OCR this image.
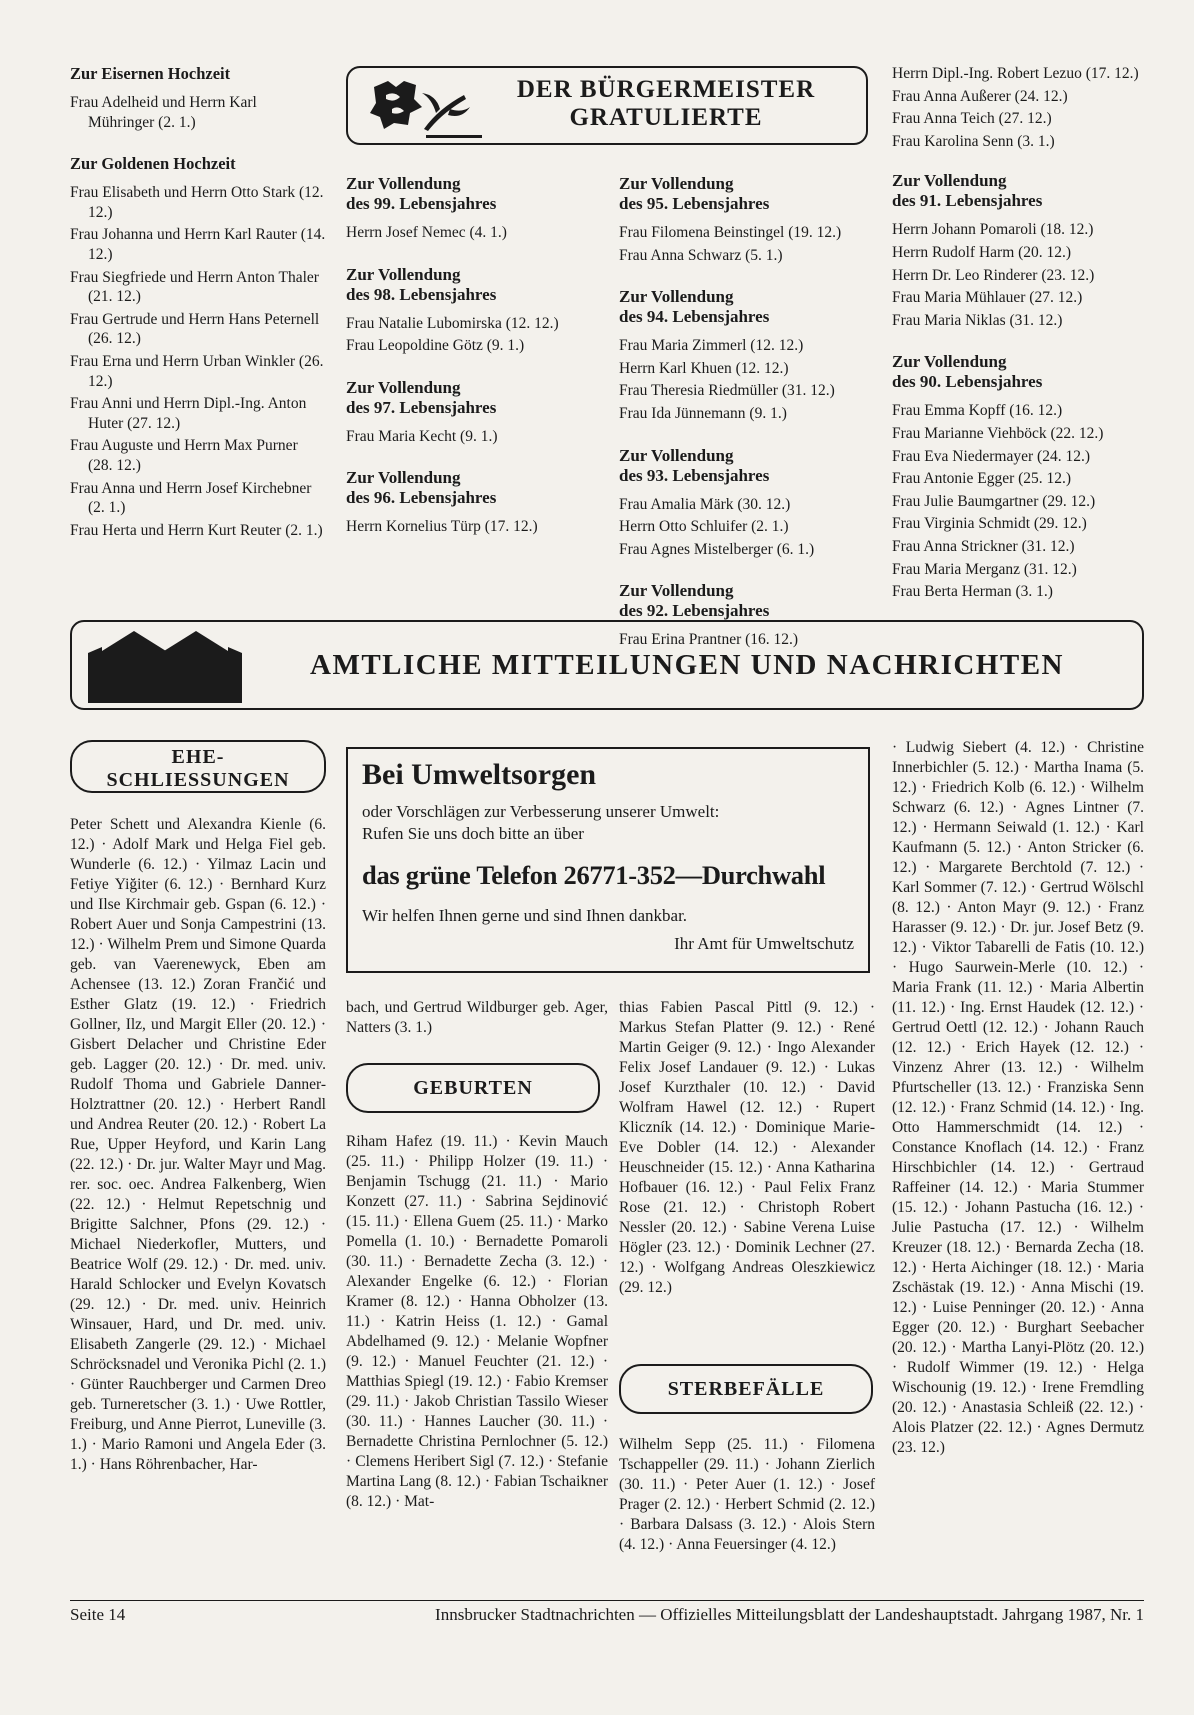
Zur Eisernen Hochzeit

Frau Adelheid und Herrn Karl Mühringer (2. 1.)

Zur Goldenen Hochzeit

Frau Elisabeth und Herrn Otto Stark (12. 12.)

Frau Johanna und Herrn Karl Rauter (14. 12.)

Frau Siegfriede und Herrn Anton Thaler (21. 12.)

Frau Gertrude und Herrn Hans Peternell (26. 12.)

Frau Erna und Herrn Urban Winkler (26. 12.)

Frau Anni und Herrn Dipl.-Ing. Anton Huter (27. 12.)

Frau Auguste und Herrn Max Purner (28. 12.)

Frau Anna und Herrn Josef Kirchebner (2. 1.)

Frau Herta und Herrn Kurt Reuter (2. 1.)

DER BÜRGERMEISTER
GRATULIERTE
Zur Vollendung
des 99. Lebensjahres

Herrn Josef Nemec (4. 1.)

Zur Vollendung
des 98. Lebensjahres

Frau Natalie Lubomirska (12. 12.)

Frau Leopoldine Götz (9. 1.)

Zur Vollendung
des 97. Lebensjahres

Frau Maria Kecht (9. 1.)

Zur Vollendung
des 96. Lebensjahres

Herrn Kornelius Türp (17. 12.)

Zur Vollendung
des 95. Lebensjahres

Frau Filomena Beinstingel (19. 12.)

Frau Anna Schwarz (5. 1.)

Zur Vollendung
des 94. Lebensjahres

Frau Maria Zimmerl (12. 12.)

Herrn Karl Khuen (12. 12.)

Frau Theresia Riedmüller (31. 12.)

Frau Ida Jünnemann (9. 1.)

Zur Vollendung
des 93. Lebensjahres

Frau Amalia Märk (30. 12.)

Herrn Otto Schluifer (2. 1.)

Frau Agnes Mistelberger (6. 1.)

Zur Vollendung
des 92. Lebensjahres

Frau Erina Prantner (16. 12.)

Herrn Dipl.-Ing. Robert Lezuo (17. 12.)

Frau Anna Außerer (24. 12.)

Frau Anna Teich (27. 12.)

Frau Karolina Senn (3. 1.)

Zur Vollendung
des 91. Lebensjahres

Herrn Johann Pomaroli (18. 12.)

Herrn Rudolf Harm (20. 12.)

Herrn Dr. Leo Rinderer (23. 12.)

Frau Maria Mühlauer (27. 12.)

Frau Maria Niklas (31. 12.)

Zur Vollendung
des 90. Lebensjahres

Frau Emma Kopff (16. 12.)

Frau Marianne Viehböck (22. 12.)

Frau Eva Niedermayer (24. 12.)

Frau Antonie Egger (25. 12.)

Frau Julie Baumgartner (29. 12.)

Frau Virginia Schmidt (29. 12.)

Frau Anna Strickner (31. 12.)

Frau Maria Merganz (31. 12.)

Frau Berta Herman (3. 1.)

AMTLICHE MITTEILUNGEN UND NACHRICHTEN
EHE-
SCHLIESSUNGEN

Peter Schett und Alexandra Kienle (6. 12.) · Adolf Mark und Helga Fiel geb. Wunderle (6. 12.) · Yilmaz Lacin und Fetiye Yiğiter (6. 12.) · Bernhard Kurz und Ilse Kirchmair geb. Gspan (6. 12.) · Robert Auer und Sonja Campestrini (13. 12.) · Wilhelm Prem und Simone Quarda geb. van Vaerenewyck, Eben am Achensee (13. 12.) Zoran Frančić und Esther Glatz (19. 12.) · Friedrich Gollner, Ilz, und Margit Eller (20. 12.) · Gisbert Delacher und Christine Eder geb. Lagger (20. 12.) · Dr. med. univ. Rudolf Thoma und Gabriele Danner-Holztrattner (20. 12.) · Herbert Randl und Andrea Reuter (20. 12.) · Robert La Rue, Upper Heyford, und Karin Lang (22. 12.) · Dr. jur. Walter Mayr und Mag. rer. soc. oec. Andrea Falkenberg, Wien (22. 12.) · Helmut Repetschnig und Brigitte Salchner, Pfons (29. 12.) · Michael Niederkofler, Mutters, und Beatrice Wolf (29. 12.) · Dr. med. univ. Harald Schlocker und Evelyn Kovatsch (29. 12.) · Dr. med. univ. Heinrich Winsauer, Hard, und Dr. med. univ. Elisabeth Zangerle (29. 12.) · Michael Schröcksnadel und Veronika Pichl (2. 1.) · Günter Rauchberger und Carmen Dreo geb. Turneretscher (3. 1.) · Uwe Rottler, Freiburg, und Anne Pierrot, Luneville (3. 1.) · Mario Ramoni und Angela Eder (3. 1.) · Hans Röhrenbacher, Har-

bach, und Gertrud Wildburger geb. Ager, Natters (3. 1.)

Bei Umweltsorgen
oder Vorschlägen zur Verbesserung unserer Umwelt:
Rufen Sie uns doch bitte an über
das grüne Telefon 26771-352—Durchwahl
Wir helfen Ihnen gerne und sind Ihnen dankbar.
Ihr Amt für Umweltschutz
GEBURTEN

Riham Hafez (19. 11.) · Kevin Mauch (25. 11.) · Philipp Holzer (19. 11.) · Benjamin Tschugg (21. 11.) · Mario Konzett (27. 11.) · Sabrina Sejdinović (15. 11.) · Ellena Guem (25. 11.) · Marko Pomella (1. 10.) · Bernadette Pomaroli (30. 11.) · Bernadette Zecha (3. 12.) · Alexander Engelke (6. 12.) · Florian Kramer (8. 12.) · Hanna Obholzer (13. 11.) · Katrin Heiss (1. 12.) · Gamal Abdelhamed (9. 12.) · Melanie Wopfner (9. 12.) · Manuel Feuchter (21. 12.) · Matthias Spiegl (19. 12.) · Fabio Kremser (29. 11.) · Jakob Christian Tassilo Wieser (30. 11.) · Hannes Laucher (30. 11.) · Bernadette Christina Pernlochner (5. 12.) · Clemens Heribert Sigl (7. 12.) · Stefanie Martina Lang (8. 12.) · Fabian Tschaikner (8. 12.) · Mat-

thias Fabien Pascal Pittl (9. 12.) · Markus Stefan Platter (9. 12.) · René Martin Geiger (9. 12.) · Ingo Alexander Felix Josef Landauer (9. 12.) · Lukas Josef Kurzthaler (10. 12.) · David Wolfram Hawel (12. 12.) · Rupert Kliczník (14. 12.) · Dominique Marie-Eve Dobler (14. 12.) · Alexander Heuschneider (15. 12.) · Anna Katharina Hofbauer (16. 12.) · Paul Felix Franz Rose (21. 12.) · Christoph Robert Nessler (20. 12.) · Sabine Verena Luise Högler (23. 12.) · Dominik Lechner (27. 12.) · Wolfgang Andreas Oleszkiewicz (29. 12.)

STERBEFÄLLE

Wilhelm Sepp (25. 11.) · Filomena Tschappeller (29. 11.) · Johann Zierlich (30. 11.) · Peter Auer (1. 12.) · Josef Prager (2. 12.) · Herbert Schmid (2. 12.) · Barbara Dalsass (3. 12.) · Alois Stern (4. 12.) · Anna Feuersinger (4. 12.)

· Ludwig Siebert (4. 12.) · Christine Innerbichler (5. 12.) · Martha Inama (5. 12.) · Friedrich Kolb (6. 12.) · Wilhelm Schwarz (6. 12.) · Agnes Lintner (7. 12.) · Hermann Seiwald (1. 12.) · Karl Kaufmann (5. 12.) · Anton Stricker (6. 12.) · Margarete Berchtold (7. 12.) · Karl Sommer (7. 12.) · Gertrud Wölschl (8. 12.) · Anton Mayr (9. 12.) · Franz Harasser (9. 12.) · Dr. jur. Josef Betz (9. 12.) · Viktor Tabarelli de Fatis (10. 12.) · Hugo Saurwein-Merle (10. 12.) · Maria Frank (11. 12.) · Maria Albertin (11. 12.) · Ing. Ernst Haudek (12. 12.) · Gertrud Oettl (12. 12.) · Johann Rauch (12. 12.) · Erich Hayek (12. 12.) · Vinzenz Ahrer (13. 12.) · Wilhelm Pfurtscheller (13. 12.) · Franziska Senn (12. 12.) · Franz Schmid (14. 12.) · Ing. Otto Hammerschmidt (14. 12.) · Constance Knoflach (14. 12.) · Franz Hirschbichler (14. 12.) · Gertraud Raffeiner (14. 12.) · Maria Stummer (15. 12.) · Johann Pastucha (16. 12.) · Julie Pastucha (17. 12.) · Wilhelm Kreuzer (18. 12.) · Bernarda Zecha (18. 12.) · Herta Aichinger (18. 12.) · Maria Zschästak (19. 12.) · Anna Mischi (19. 12.) · Luise Penninger (20. 12.) · Anna Egger (20. 12.) · Burghart Seebacher (20. 12.) · Martha Lanyi-Plötz (20. 12.) · Rudolf Wimmer (19. 12.) · Helga Wischounig (19. 12.) · Irene Fremdling (20. 12.) · Anastasia Schleiß (22. 12.) · Alois Platzer (22. 12.) · Agnes Dermutz (23. 12.)

Seite 14	Innsbrucker Stadtnachrichten — Offizielles Mitteilungsblatt der Landeshauptstadt. Jahrgang 1987, Nr. 1
